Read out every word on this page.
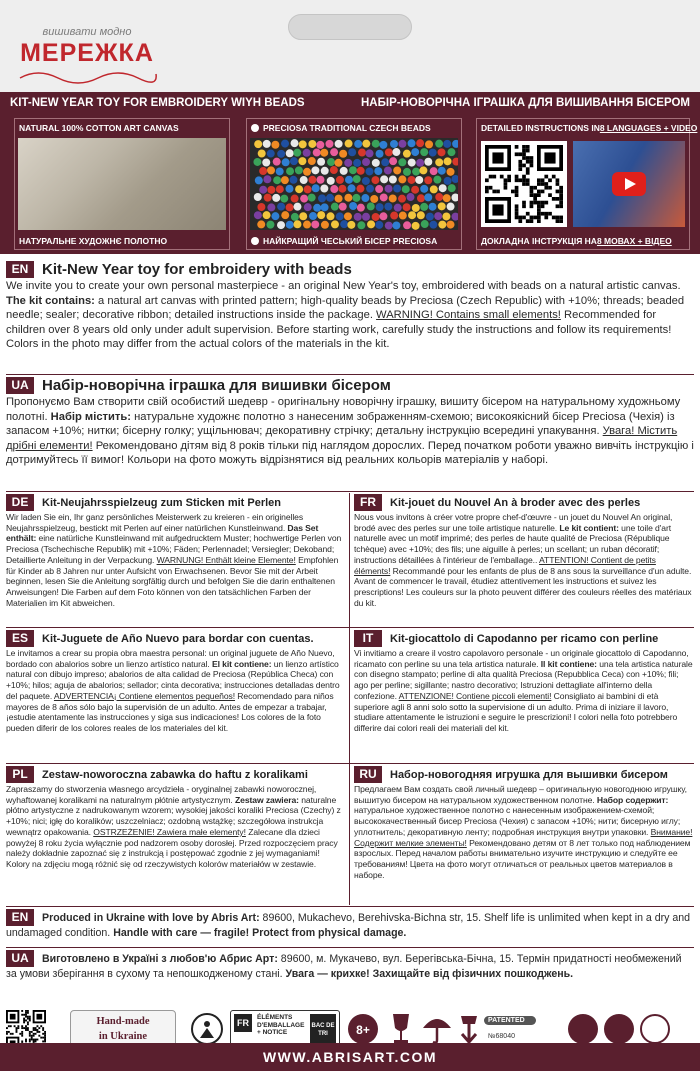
вишивати модно
МЕРЕЖКА
KIT-NEW YEAR TOY FOR EMBROIDERY WIYH BEADS	НАБІР-НОВОРІЧНА ІГРАШКА ДЛЯ ВИШИВАННЯ БІСЕРОМ
NATURAL 100% COTTON ART CANVAS
НАТУРАЛЬНЕ ХУДОЖНЄ ПОЛОТНО
PRECIOSA TRADITIONAL CZECH BEADS
НАЙКРАЩИЙ ЧЕСЬКИЙ БІСЕР PRECIOSA
DETAILED INSTRUCTIONS IN 8 LANGUAGES + VIDEO
ДОКЛАДНА ІНСТРУКЦІЯ НА 8 МОВАХ + ВІДЕО
EN Kit-New Year toy for embroidery with beads
We invite you to create your own personal masterpiece - an original New Year's toy, embroidered with beads on a natural artistic canvas. The kit contains: a natural art canvas with printed pattern; high-quality beads by Preciosa (Czech Republic) with +10%; threads; beaded needle; sealer; decorative ribbon; detailed instructions inside the package. WARNING! Contains small elements! Recommended for children over 8 years old only under adult supervision. Before starting work, carefully study the instructions and follow its requirements! Colors in the photo may differ from the actual colors of the materials in the kit.
UA Набір-новорічна іграшка для вишивки бісером
Пропонуємо Вам створити свій особистий шедевр - оригінальну новорічну іграшку, вишиту бісером на натуральному художньому полотні. Набір містить: натуральне художнє полотно з нанесеним зображенням-схемою; високоякісний бісер Preciosa (Чехія) із запасом +10%; нитки; бісерну голку; ущільнювач; декоративну стрічку; детальну інструкцію всередині упакування. Увага! Містить дрібні елементи! Рекомендовано дітям від 8 років тільки під наглядом дорослих. Перед початком роботи уважно вивчіть інструкцію і дотримуйтесь її вимог! Кольори на фото можуть відрізнятися від реальних кольорів матеріалів у наборі.
DE	Kit-Neujahrsspielzeug zum Sticken mit Perlen
Wir laden Sie ein, Ihr ganz persönliches Meisterwerk zu kreieren - ein originelles Neujahrsspielzeug, bestickt mit Perlen auf einer natürlichen Kunstleinwand. Das Set enthält: eine natürliche Kunstleinwand mit aufgedrucktem Muster; hochwertige Perlen von Preciosa (Tschechische Republik) mit +10%; Fäden; Perlennadel; Versiegler; Dekoband; Detaillierte Anleitung in der Verpackung. WARNUNG! Enthält kleine Elemente! Empfohlen für Kinder ab 8 Jahren nur unter Aufsicht von Erwachsenen. Bevor Sie mit der Arbeit beginnen, lesen Sie die Anleitung sorgfältig durch und befolgen Sie die darin enthaltenen Anweisungen! Die Farben auf dem Foto können von den tatsächlichen Farben der Materialien im Kit abweichen.
FR	Kit-jouet du Nouvel An à broder avec des perles
Nous vous invitons à créer votre propre chef-d'œuvre - un jouet du Nouvel An original, brodé avec des perles sur une toile artistique naturelle. Le kit contient: une toile d'art naturelle avec un motif imprimé; des perles de haute qualité de Preciosa (République tchèque) avec +10%; des fils; une aiguille à perles; un scellant; un ruban décoratif; instructions détaillées à l'intérieur de l'emballage.. ATTENTION! Contient de petits éléments! Recommandé pour les enfants de plus de 8 ans sous la surveillance d'un adulte. Avant de commencer le travail, étudiez attentivement les instructions et suivez les prescriptions! Les couleurs sur la photo peuvent différer des couleurs réelles des matériaux du kit.
ES	Kit-Juguete de Año Nuevo para bordar con cuentas.
Le invitamos a crear su propia obra maestra personal: un original juguete de Año Nuevo, bordado con abalorios sobre un lienzo artístico natural. El kit contiene: un lienzo artístico natural con dibujo impreso; abalorios de alta calidad de Preciosa (República Checa) con +10%; hilos; aguja de abalorios; sellador; cinta decorativa; instrucciones detalladas dentro del paquete. ADVERTENCIA¡ Contiene elementos pequeños! Recomendado para niños mayores de 8 años sólo bajo la supervisión de un adulto. Antes de empezar a trabajar, ¡estudie atentamente las instrucciones y siga sus indicaciones! Los colores de la foto pueden diferir de los colores reales de los materiales del kit.
IT	Kit-giocattolo di Capodanno per ricamo con perline
Vi invitiamo a creare il vostro capolavoro personale - un originale giocattolo di Capodanno, ricamato con perline su una tela artistica naturale. Il kit contiene: una tela artistica naturale con disegno stampato; perline di alta qualità Preciosa (Repubblica Ceca) con +10%; fili; ago per perline; sigillante; nastro decorativo; Istruzioni dettagliate all'interno della confezione. ATTENZIONE! Contiene piccoli elementi! Consigliato ai bambini di età superiore agli 8 anni solo sotto la supervisione di un adulto. Prima di iniziare il lavoro, studiare attentamente le istruzioni e seguire le prescrizioni! I colori nella foto potrebbero differire dai colori reali dei materiali del kit.
PL	Zestaw-noworoczna zabawka do haftu z koralikami
Zapraszamy do stworzenia własnego arcydzieła - oryginalnej zabawki noworocznej, wyhaftowanej koralikami na naturalnym płótnie artystycznym. Zestaw zawiera: naturalne płótno artystyczne z nadrukowanym wzorem; wysokiej jakości koraliki Preciosa (Czechy) z +10%; nici; igłę do koralików; uszczelniacz; ozdobną wstążkę; szczegółowa instrukcja wewnątrz opakowania. OSTRZEŻENIE! Zawiera małe elementy! Zalecane dla dzieci powyżej 8 roku życia wyłącznie pod nadzorem osoby dorosłej. Przed rozpoczęciem pracy należy dokładnie zapoznać się z instrukcją i postępować zgodnie z jej wymaganiami! Kolory na zdjęciu mogą różnić się od rzeczywistych kolorów materiałów w zestawie.
RU	Набор-новогодняя игрушка для вышивки бисером
Предлагаем Вам создать свой личный шедевр – оригинальную новогоднюю игрушку, вышитую бисером на натуральном художественном полотне. Набор содержит: натуральное художественное полотно с нанесенным изображением-схемой; высококачественный бисер Preciosa (Чехия) с запасом +10%; нити; бисерную иглу; уплотнитель; декоративную ленту; подробная инструкция внутри упаковки. Внимание! Содержит мелкие элементы! Рекомендовано детям от 8 лет только под наблюдением взрослых. Перед началом работы внимательно изучите инструкцию и следуйте ее требованиям! Цвета на фото могут отличаться от реальных цветов материалов в наборе.
EN Produced in Ukraine with love by Abris Art: 89600, Mukachevo, Berehivska-Bichna str, 15. Shelf life is unlimited when kept in a dry and undamaged condition. Handle with care — fragile! Protect from physical damage.
UA Виготовлено в Україні з любов'ю Абрис Арт: 89600, м. Мукачево, вул. Берегівська-Бічна, 15. Термін придатності необмежений за умови зберігання в сухому та непошкодженому стані. Увага — крихке! Захищайте від фізичних пошкоджень.
Hand-made
in Ukraine
FR
ÉLÉMENTS
D'EMBALLAGE
+ NOTICE
BAC DE TRI	8+
PATENTED
№68040
WWW.ABRISART.COM
